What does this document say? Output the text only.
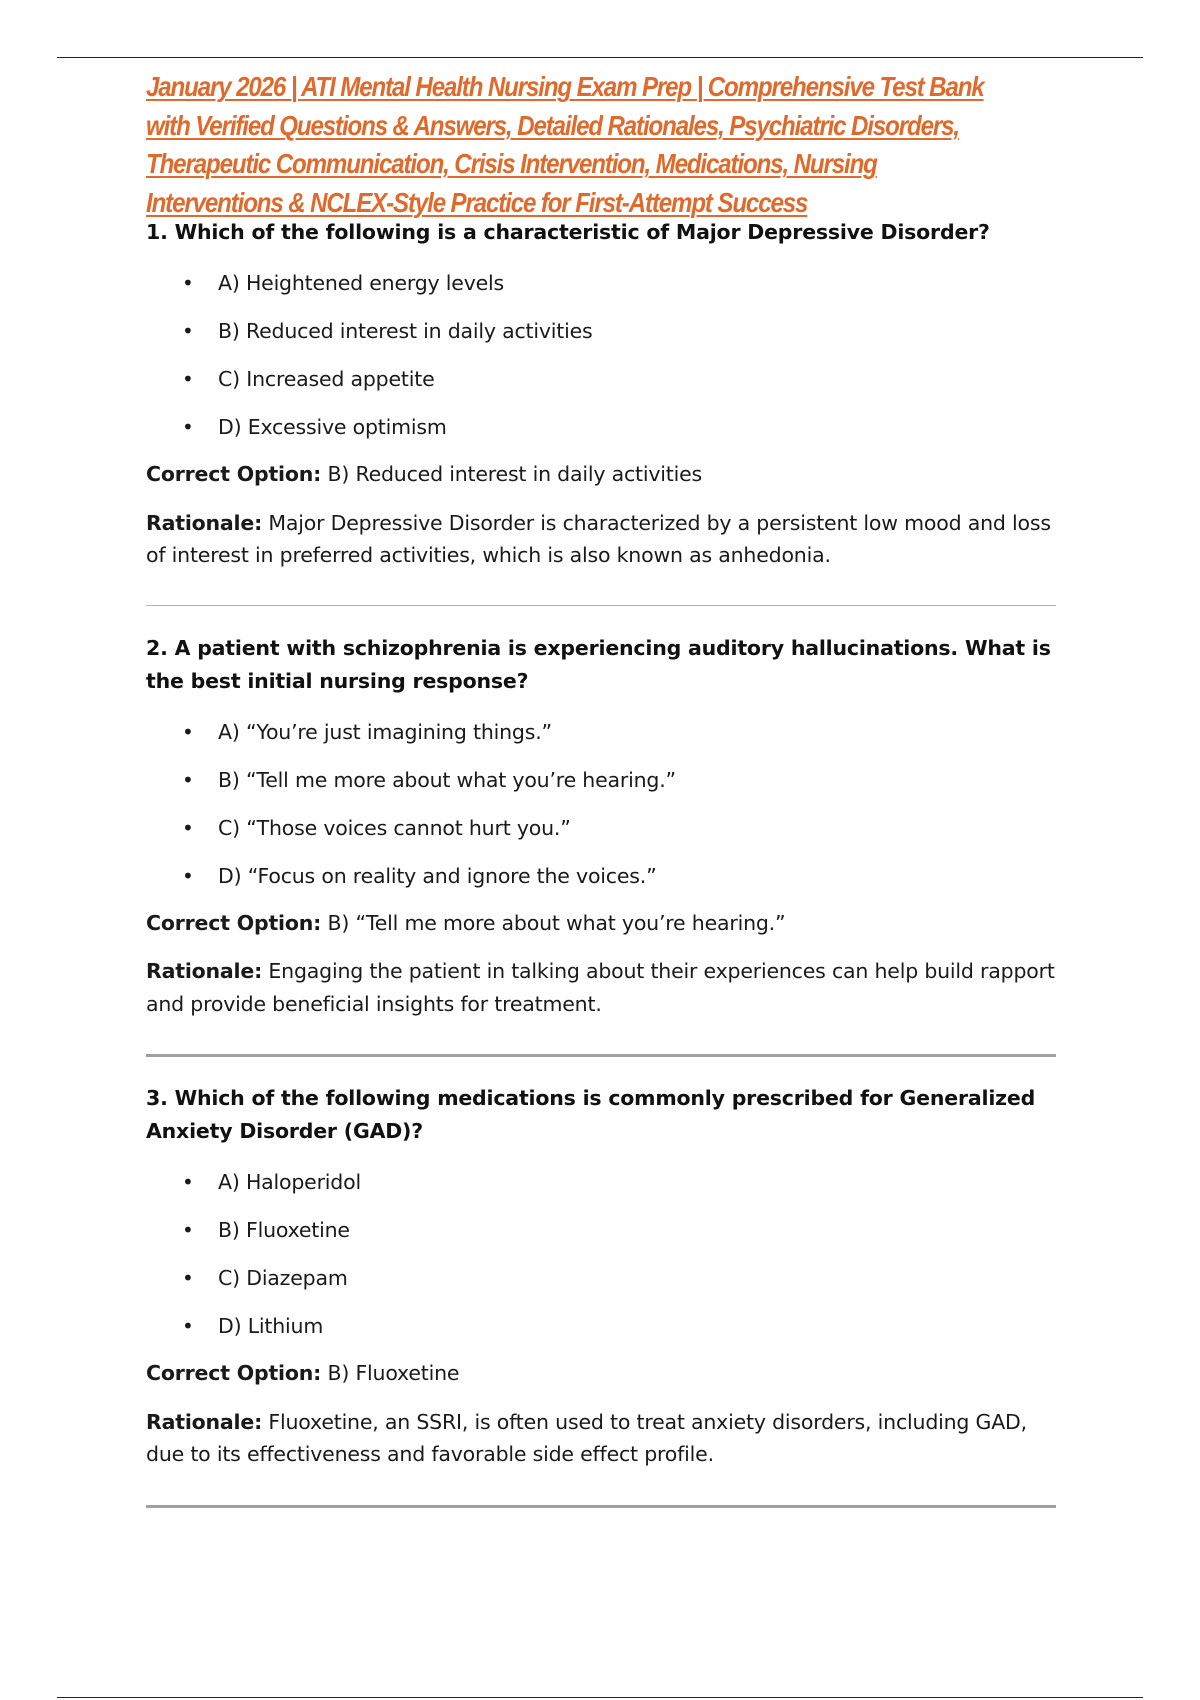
January 2026 | ATI Mental Health Nursing Exam Prep | Comprehensive Test Bank
with Verified Questions & Answers, Detailed Rationales, Psychiatric Disorders,
Therapeutic Communication, Crisis Intervention, Medications, Nursing
Interventions & NCLEX-Style Practice for First-Attempt Success

1. Which of the following is a characteristic of Major Depressive Disorder?

• A) Heightened energy levels
• B) Reduced interest in daily activities
• C) Increased appetite
• D) Excessive optimism

Correct Option: B) Reduced interest in daily activities

Rationale: Major Depressive Disorder is characterized by a persistent low mood and loss of interest in preferred activities, which is also known as anhedonia.

2. A patient with schizophrenia is experiencing auditory hallucinations. What is the best initial nursing response?

• A) “You’re just imagining things.”
• B) “Tell me more about what you’re hearing.”
• C) “Those voices cannot hurt you.”
• D) “Focus on reality and ignore the voices.”

Correct Option: B) “Tell me more about what you’re hearing.”

Rationale: Engaging the patient in talking about their experiences can help build rapport and provide beneficial insights for treatment.

3. Which of the following medications is commonly prescribed for Generalized Anxiety Disorder (GAD)?

• A) Haloperidol
• B) Fluoxetine
• C) Diazepam
• D) Lithium

Correct Option: B) Fluoxetine

Rationale: Fluoxetine, an SSRI, is often used to treat anxiety disorders, including GAD, due to its effectiveness and favorable side effect profile.
